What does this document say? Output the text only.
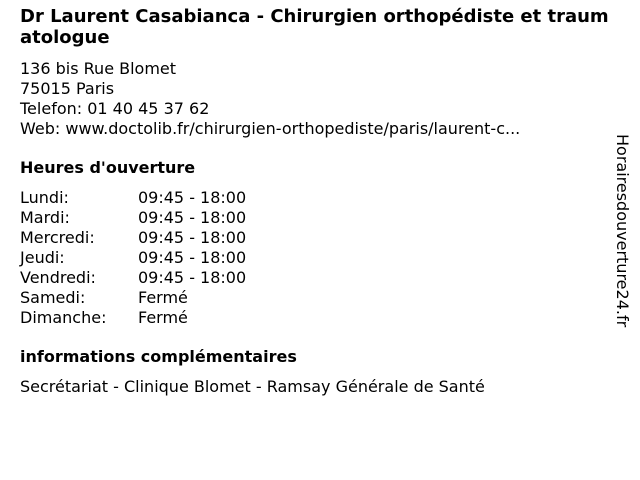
Dr Laurent Casabianca - Chirurgien orthopédiste et traumatologue
136 bis Rue Blomet
75015 Paris
Telefon: 01 40 45 37 62
Web: www.doctolib.fr/chirurgien-orthopediste/paris/laurent-c...
Heures d'ouverture
Lundi:	09:45 - 18:00
Mardi:	09:45 - 18:00
Mercredi:	09:45 - 18:00
Jeudi:	09:45 - 18:00
Vendredi:	09:45 - 18:00
Samedi:	Fermé
Dimanche:	Fermé
informations complémentaires
Secrétariat - Clinique Blomet - Ramsay Générale de Santé
Horairesdouverture24.fr
